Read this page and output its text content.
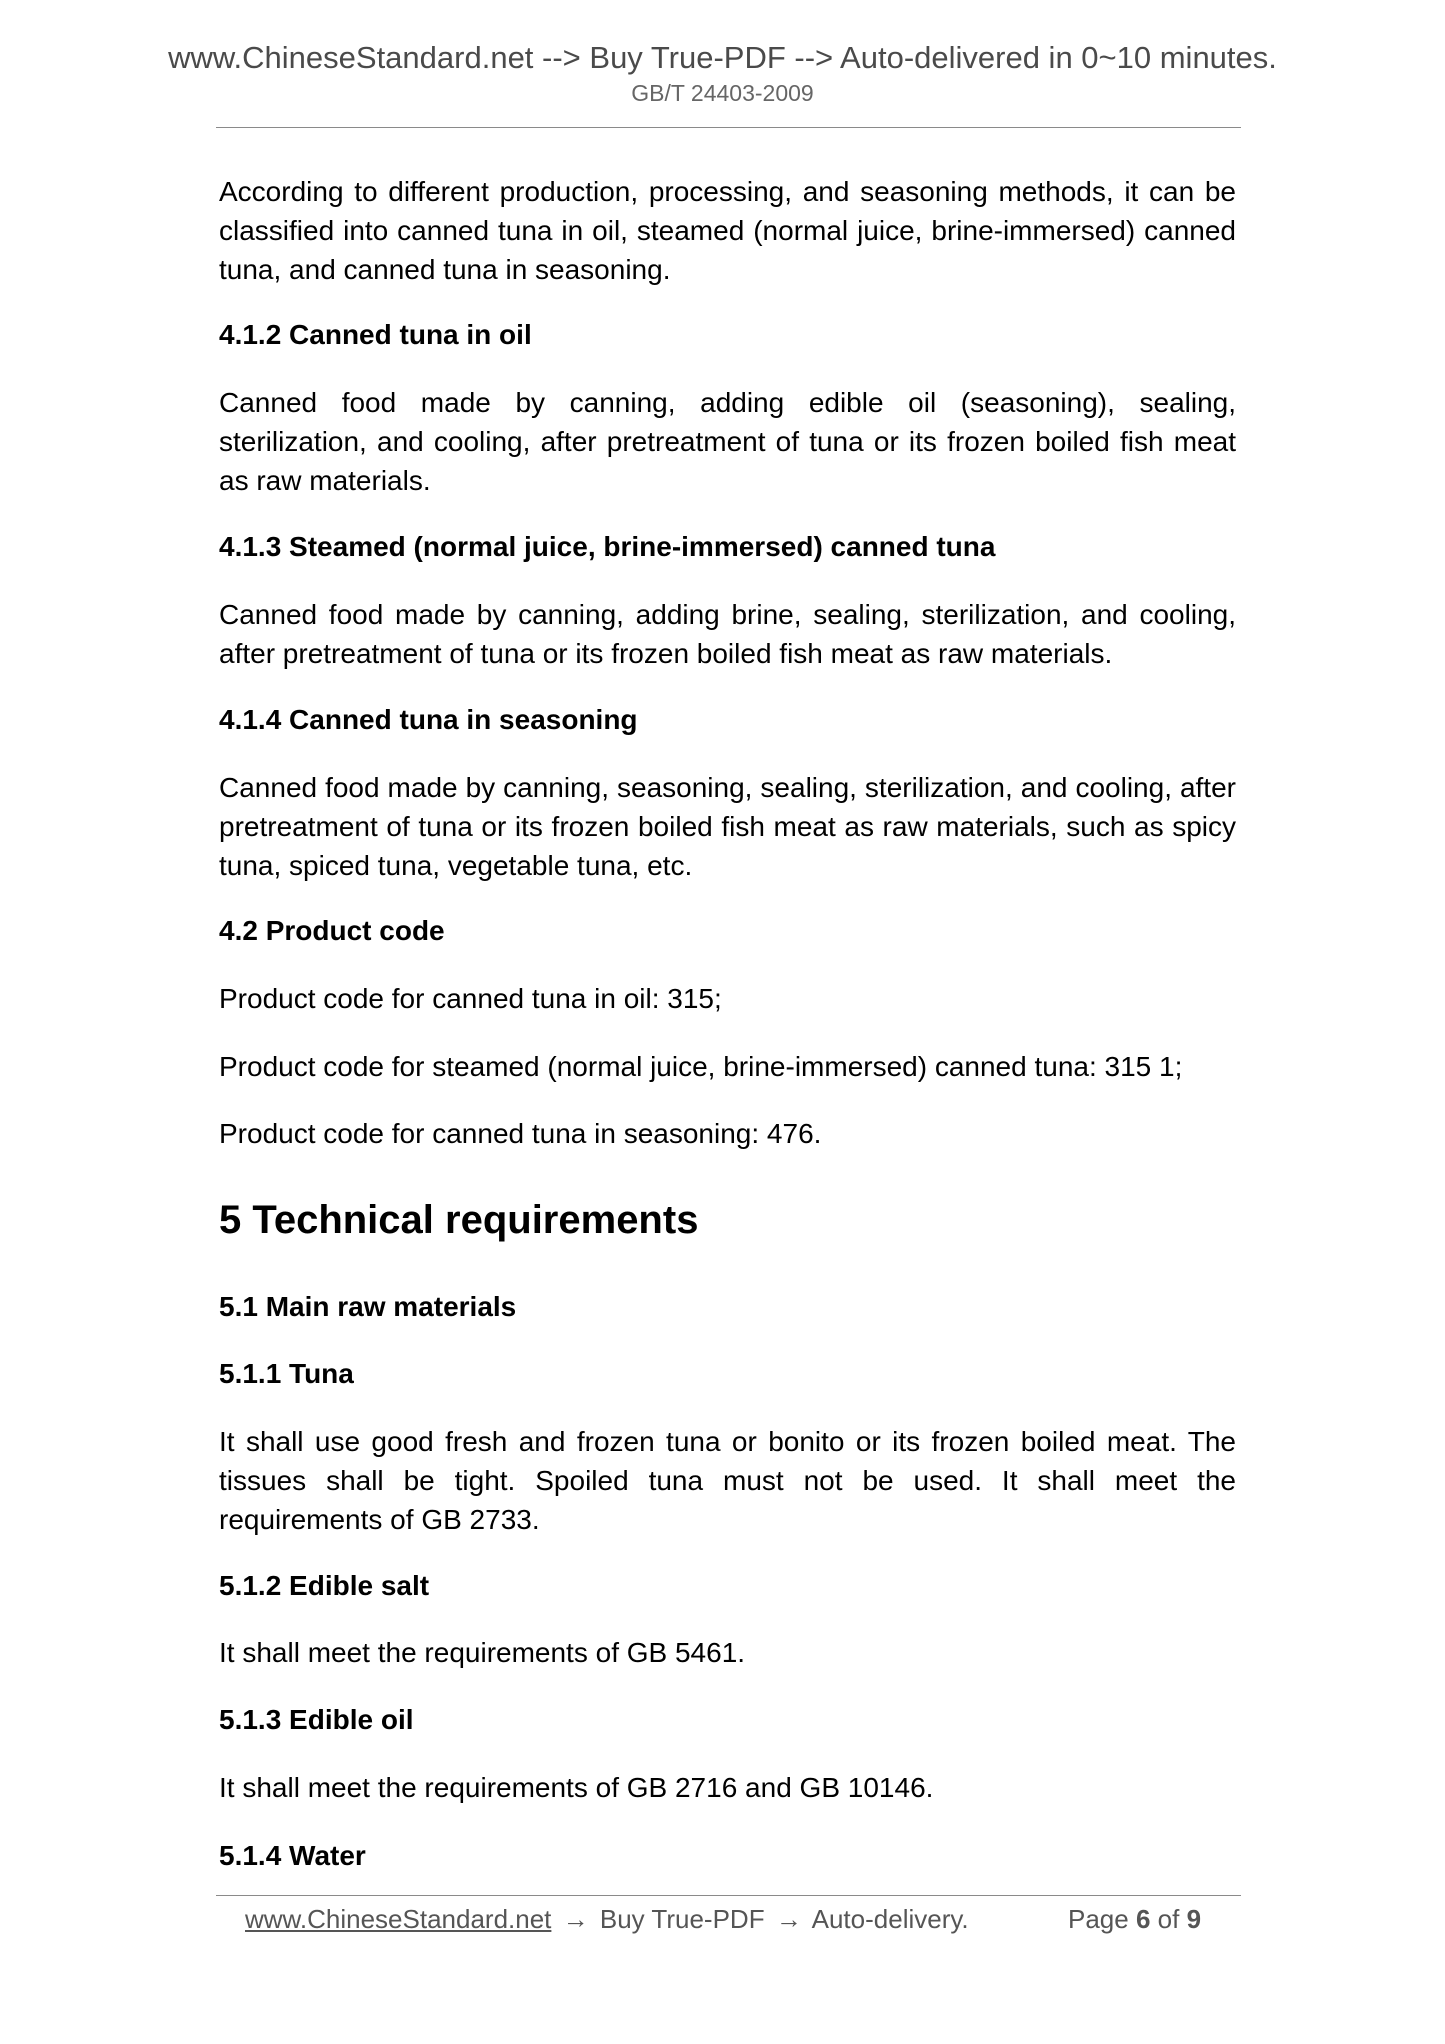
www.ChineseStandard.net --> Buy True-PDF --> Auto-delivered in 0~10 minutes.
GB/T 24403-2009

According to different production, processing, and seasoning methods, it can be classified into canned tuna in oil, steamed (normal juice, brine-immersed) canned tuna, and canned tuna in seasoning.

4.1.2 Canned tuna in oil

Canned food made by canning, adding edible oil (seasoning), sealing, sterilization, and cooling, after pretreatment of tuna or its frozen boiled fish meat as raw materials.

4.1.3 Steamed (normal juice, brine-immersed) canned tuna

Canned food made by canning, adding brine, sealing, sterilization, and cooling, after pretreatment of tuna or its frozen boiled fish meat as raw materials.

4.1.4 Canned tuna in seasoning

Canned food made by canning, seasoning, sealing, sterilization, and cooling, after pretreatment of tuna or its frozen boiled fish meat as raw materials, such as spicy tuna, spiced tuna, vegetable tuna, etc.

4.2 Product code

Product code for canned tuna in oil: 315;

Product code for steamed (normal juice, brine-immersed) canned tuna: 315 1;

Product code for canned tuna in seasoning: 476.

5 Technical requirements
5.1 Main raw materials
5.1.1 Tuna

It shall use good fresh and frozen tuna or bonito or its frozen boiled meat. The tissues shall be tight. Spoiled tuna must not be used. It shall meet the requirements of GB 2733.

5.1.2 Edible salt

It shall meet the requirements of GB 5461.

5.1.3 Edible oil

It shall meet the requirements of GB 2716 and GB 10146.

5.1.4 Water
www.ChineseStandard.net → Buy True-PDF → Auto-delivery.	Page 6 of 9
